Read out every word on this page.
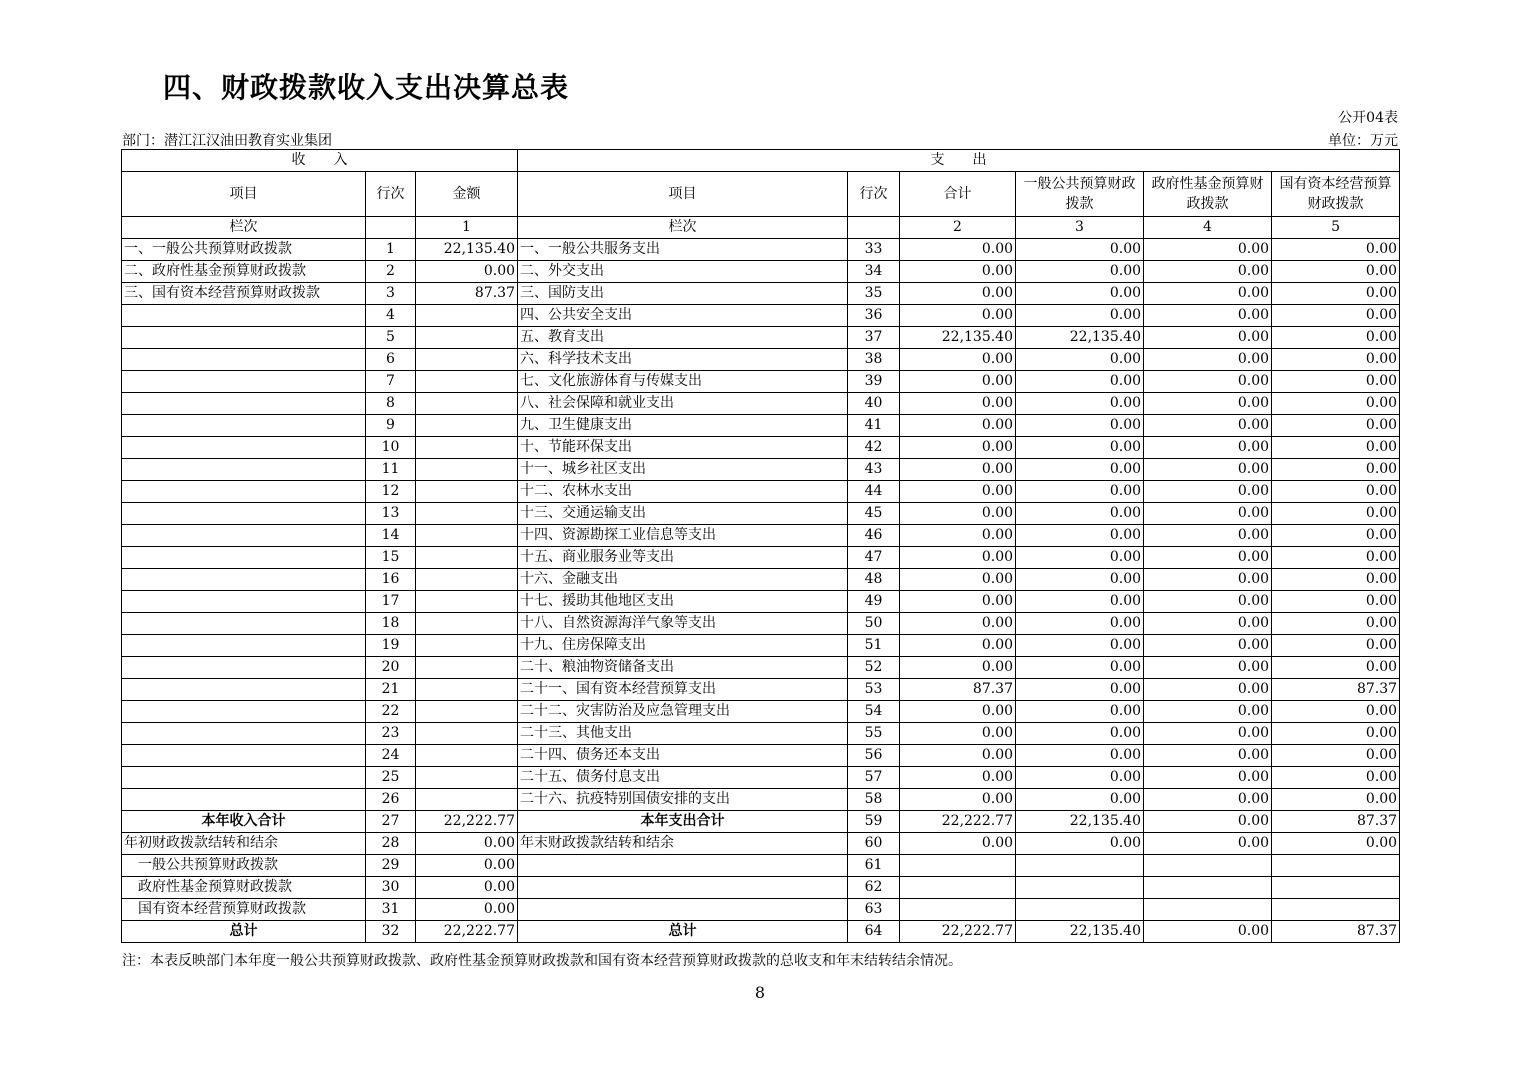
四、财政拨款收入支出决算总表
公开04表
部门：潜江江汉油田教育实业集团	单位：万元
收　　入			支　　出					
项目	行次	金额	项目	行次	合计	一般公共预算财政拨款	政府性基金预算财政拨款	国有资本经营预算财政拨款
栏次		1	栏次		2	3	4	5
一、一般公共预算财政拨款	1	22,135.40	一、一般公共服务支出	33	0.00	0.00	0.00	0.00
二、政府性基金预算财政拨款	2	0.00	二、外交支出	34	0.00	0.00	0.00	0.00
三、国有资本经营预算财政拨款	3	87.37	三、国防支出	35	0.00	0.00	0.00	0.00
	4		四、公共安全支出	36	0.00	0.00	0.00	0.00
	5		五、教育支出	37	22,135.40	22,135.40	0.00	0.00
	6		六、科学技术支出	38	0.00	0.00	0.00	0.00
	7		七、文化旅游体育与传媒支出	39	0.00	0.00	0.00	0.00
	8		八、社会保障和就业支出	40	0.00	0.00	0.00	0.00
	9		九、卫生健康支出	41	0.00	0.00	0.00	0.00
	10		十、节能环保支出	42	0.00	0.00	0.00	0.00
	11		十一、城乡社区支出	43	0.00	0.00	0.00	0.00
	12		十二、农林水支出	44	0.00	0.00	0.00	0.00
	13		十三、交通运输支出	45	0.00	0.00	0.00	0.00
	14		十四、资源勘探工业信息等支出	46	0.00	0.00	0.00	0.00
	15		十五、商业服务业等支出	47	0.00	0.00	0.00	0.00
	16		十六、金融支出	48	0.00	0.00	0.00	0.00
	17		十七、援助其他地区支出	49	0.00	0.00	0.00	0.00
	18		十八、自然资源海洋气象等支出	50	0.00	0.00	0.00	0.00
	19		十九、住房保障支出	51	0.00	0.00	0.00	0.00
	20		二十、粮油物资储备支出	52	0.00	0.00	0.00	0.00
	21		二十一、国有资本经营预算支出	53	87.37	0.00	0.00	87.37
	22		二十二、灾害防治及应急管理支出	54	0.00	0.00	0.00	0.00
	23		二十三、其他支出	55	0.00	0.00	0.00	0.00
	24		二十四、债务还本支出	56	0.00	0.00	0.00	0.00
	25		二十五、债务付息支出	57	0.00	0.00	0.00	0.00
	26		二十六、抗疫特别国债安排的支出	58	0.00	0.00	0.00	0.00
本年收入合计	27	22,222.77	本年支出合计	59	22,222.77	22,135.40	0.00	87.37
年初财政拨款结转和结余	28	0.00	年末财政拨款结转和结余	60	0.00	0.00	0.00	0.00
一般公共预算财政拨款	29	0.00		61				
政府性基金预算财政拨款	30	0.00		62				
国有资本经营预算财政拨款	31	0.00		63				
总计	32	22,222.77	总计	64	22,222.77	22,135.40	0.00	87.37
注：本表反映部门本年度一般公共预算财政拨款、政府性基金预算财政拨款和国有资本经营预算财政拨款的总收支和年末结转结余情况。
8
